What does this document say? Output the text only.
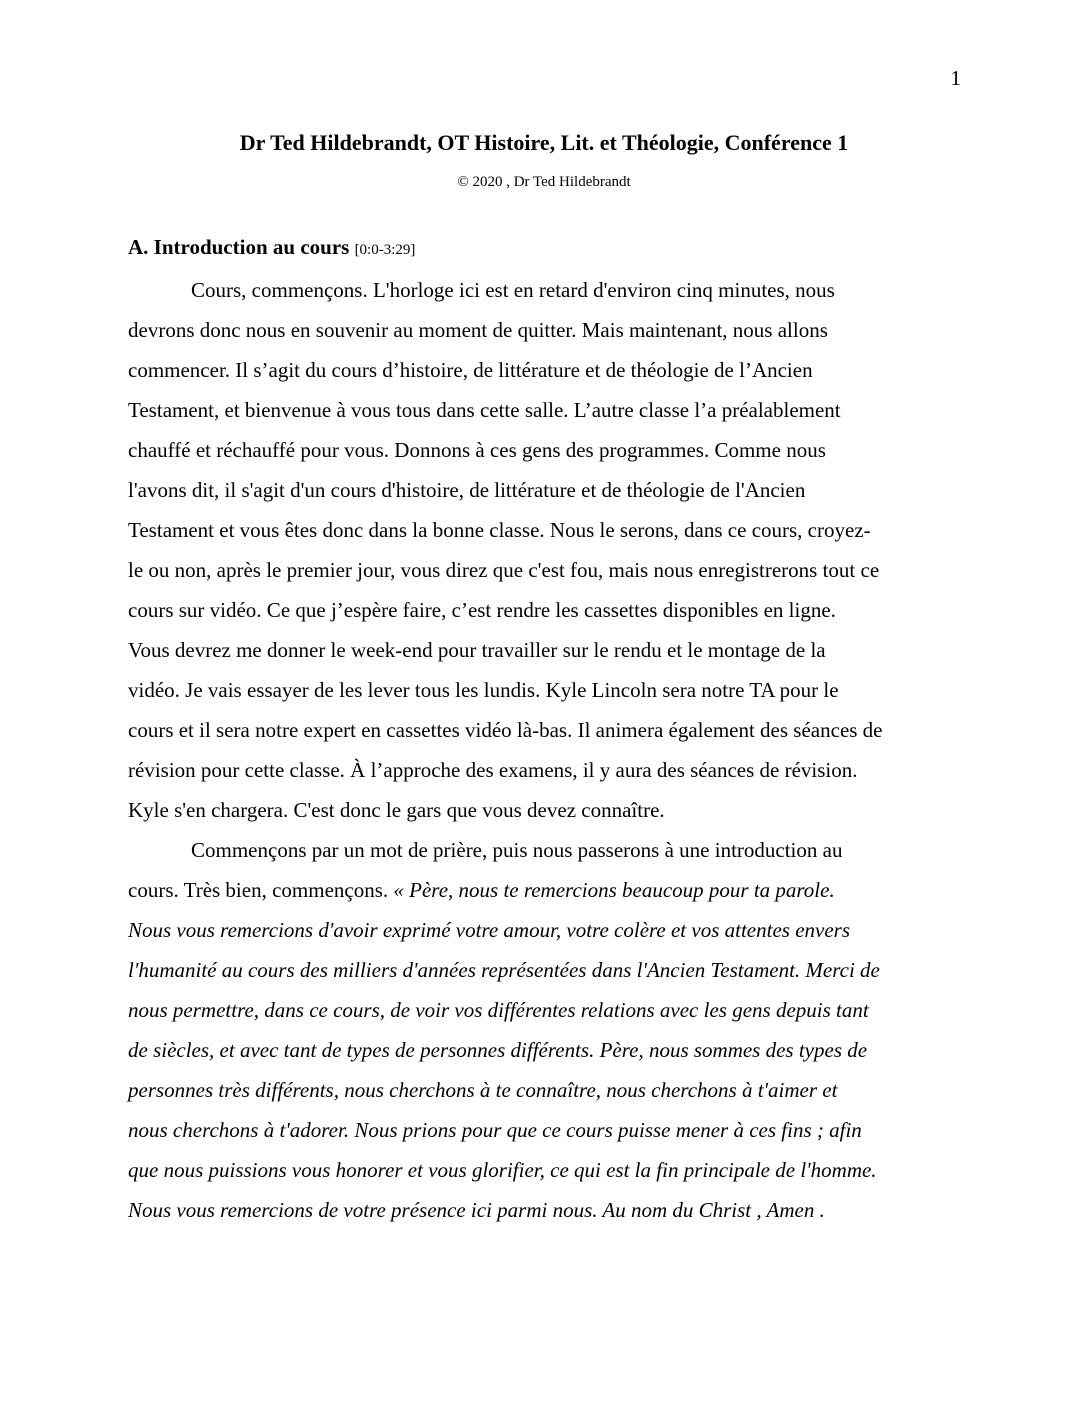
1
Dr Ted Hildebrandt, OT Histoire, Lit. et Théologie, Conférence 1
© 2020 , Dr Ted Hildebrandt
A. Introduction au cours [0:0-3:29]
Cours, commençons. L'horloge ici est en retard d'environ cinq minutes, nous
devrons donc nous en souvenir au moment de quitter. Mais maintenant, nous allons
commencer. Il s’agit du cours d’histoire, de littérature et de théologie de l’Ancien
Testament, et bienvenue à vous tous dans cette salle. L’autre classe l’a préalablement
chauffé et réchauffé pour vous. Donnons à ces gens des programmes. Comme nous
l'avons dit, il s'agit d'un cours d'histoire, de littérature et de théologie de l'Ancien
Testament et vous êtes donc dans la bonne classe. Nous le serons, dans ce cours, croyez-
le ou non, après le premier jour, vous direz que c'est fou, mais nous enregistrerons tout ce
cours sur vidéo. Ce que j’espère faire, c’est rendre les cassettes disponibles en ligne.
Vous devrez me donner le week-end pour travailler sur le rendu et le montage de la
vidéo. Je vais essayer de les lever tous les lundis. Kyle Lincoln sera notre TA pour le
cours et il sera notre expert en cassettes vidéo là-bas. Il animera également des séances de
révision pour cette classe. À l’approche des examens, il y aura des séances de révision.
Kyle s'en chargera. C'est donc le gars que vous devez connaître.
Commençons par un mot de prière, puis nous passerons à une introduction au
cours. Très bien, commençons. « Père, nous te remercions beaucoup pour ta parole.
Nous vous remercions d'avoir exprimé votre amour, votre colère et vos attentes envers
l'humanité au cours des milliers d'années représentées dans l'Ancien Testament. Merci de
nous permettre, dans ce cours, de voir vos différentes relations avec les gens depuis tant
de siècles, et avec tant de types de personnes différents. Père, nous sommes des types de
personnes très différents, nous cherchons à te connaître, nous cherchons à t'aimer et
nous cherchons à t'adorer. Nous prions pour que ce cours puisse mener à ces fins ; afin
que nous puissions vous honorer et vous glorifier, ce qui est la fin principale de l'homme.
Nous vous remercions de votre présence ici parmi nous. Au nom du Christ , Amen .
